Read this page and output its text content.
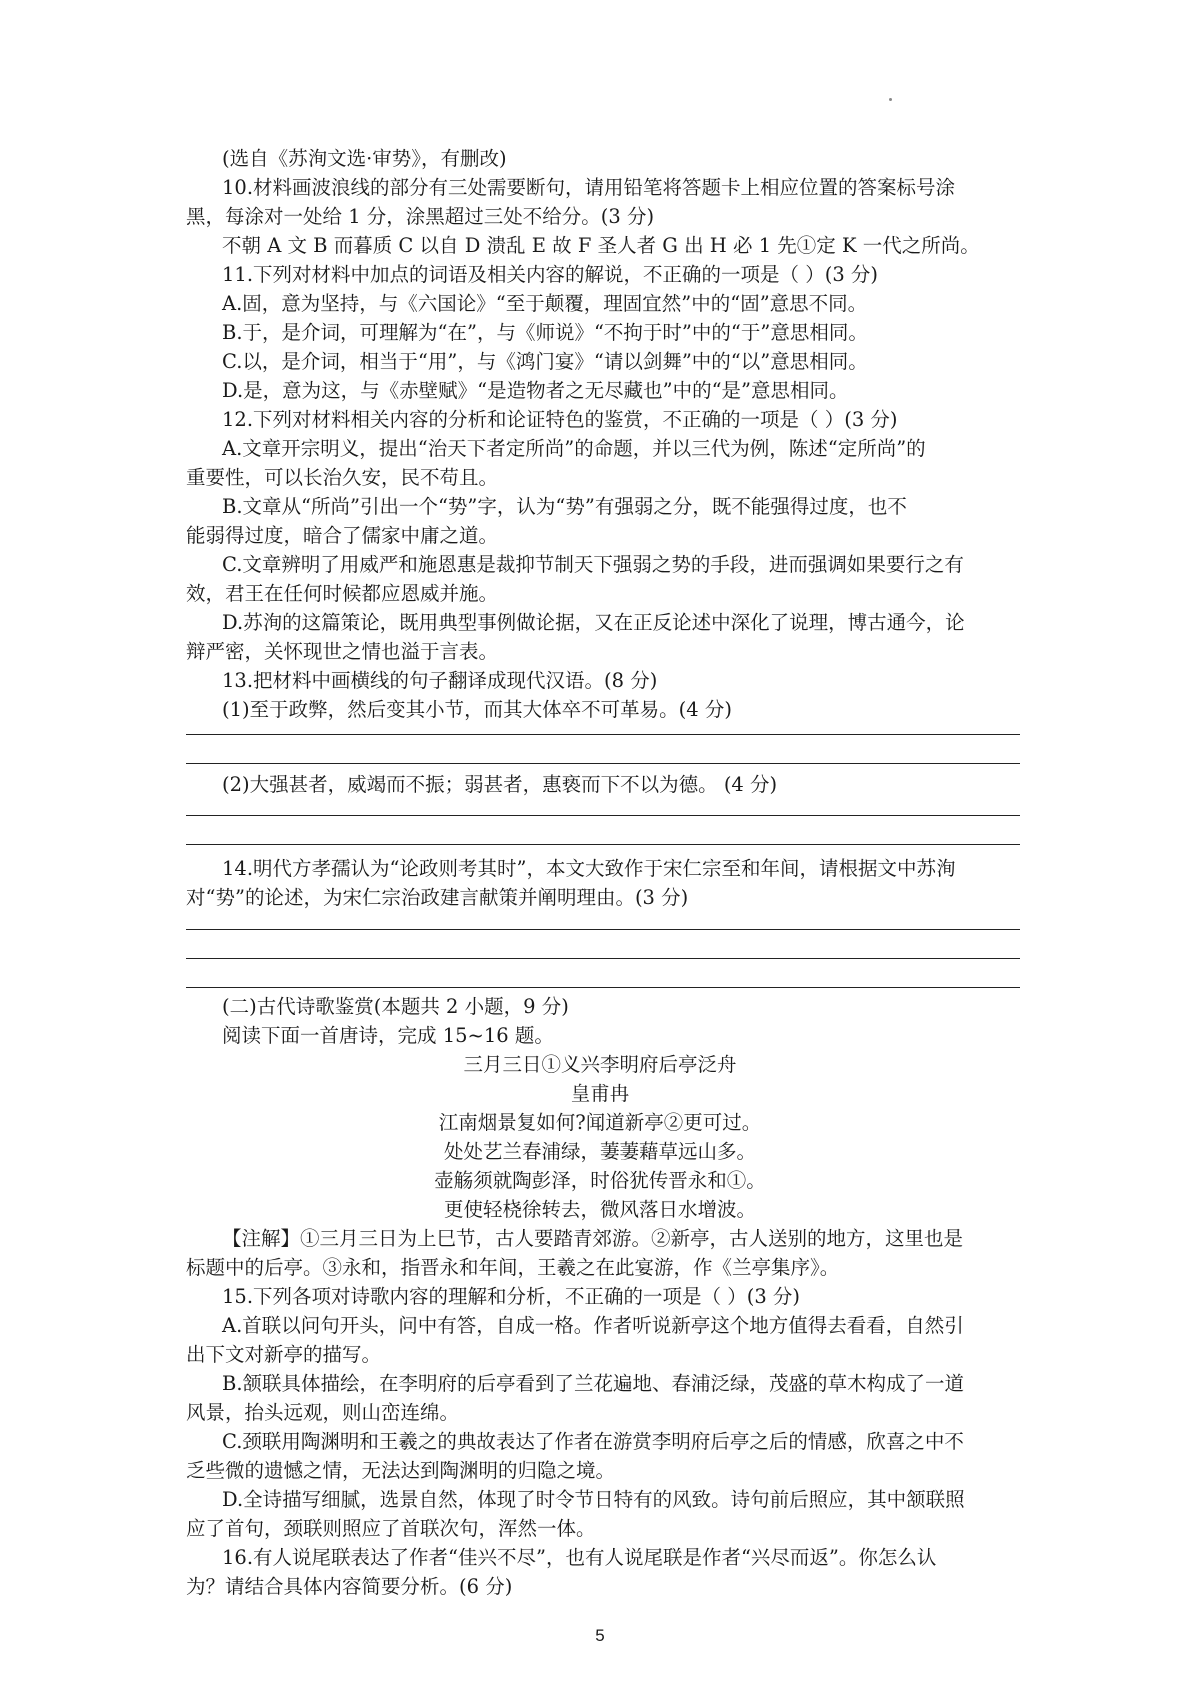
(选自《苏洵文选·审势》，有删改)
10.材料画波浪线的部分有三处需要断句，请用铅笔将答题卡上相应位置的答案标号涂
黑，每涂对一处给 1 分，涂黑超过三处不给分。(3 分)
不朝 A 文 B 而暮质 C 以自 D 溃乱 E 故 F 圣人者 G 出 H 必 1 先①定 K 一代之所尚。
11.下列对材料中加点的词语及相关内容的解说，不正确的一项是（ ）(3 分)
A.固，意为坚持，与《六国论》“至于颠覆，理固宜然”中的“固”意思不同。
B.于，是介词，可理解为“在”，与《师说》“不拘于时”中的“于”意思相同。
C.以，是介词，相当于“用”，与《鸿门宴》“请以剑舞”中的“以”意思相同。
D.是，意为这，与《赤壁赋》“是造物者之无尽藏也”中的“是”意思相同。
12.下列对材料相关内容的分析和论证特色的鉴赏，不正确的一项是（ ）(3 分)
A.文章开宗明义，提出“治天下者定所尚”的命题，并以三代为例，陈述“定所尚”的
重要性，可以长治久安，民不苟且。
B.文章从“所尚”引出一个“势”字，认为“势”有强弱之分，既不能强得过度，也不
能弱得过度，暗合了儒家中庸之道。
C.文章辨明了用威严和施恩惠是裁抑节制天下强弱之势的手段，进而强调如果要行之有
效，君王在任何时候都应恩威并施。
D.苏洵的这篇策论，既用典型事例做论据，又在正反论述中深化了说理，博古通今，论
辩严密，关怀现世之情也溢于言表。
13.把材料中画横线的句子翻译成现代汉语。(8 分)
(1)至于政弊，然后变其小节，而其大体卒不可革易。(4 分)
(2)大强甚者，威竭而不振；弱甚者，惠亵而下不以为德。 (4 分)
14.明代方孝孺认为“论政则考其时”，本文大致作于宋仁宗至和年间，请根据文中苏洵
对“势”的论述，为宋仁宗治政建言献策并阐明理由。(3 分)
(二)古代诗歌鉴赏(本题共 2 小题，9 分)
阅读下面一首唐诗，完成 15~16 题。
三月三日①义兴李明府后亭泛舟
皇甫冉
江南烟景复如何?闻道新亭②更可过。
处处艺兰春浦绿，萋萋藉草远山多。
壶觞须就陶彭泽，时俗犹传晋永和①。
更使轻桡徐转去，微风落日水增波。
【注解】①三月三日为上巳节，古人要踏青郊游。②新亭，古人送别的地方，这里也是
标题中的后亭。③永和，指晋永和年间，王羲之在此宴游，作《兰亭集序》。
15.下列各项对诗歌内容的理解和分析，不正确的一项是（ ）(3 分)
A.首联以问句开头，问中有答，自成一格。作者听说新亭这个地方值得去看看，自然引
出下文对新亭的描写。
B.颔联具体描绘，在李明府的后亭看到了兰花遍地、春浦泛绿，茂盛的草木构成了一道
风景，抬头远观，则山峦连绵。
C.颈联用陶渊明和王羲之的典故表达了作者在游赏李明府后亭之后的情感，欣喜之中不
乏些微的遗憾之情，无法达到陶渊明的归隐之境。
D.全诗描写细腻，选景自然，体现了时令节日特有的风致。诗句前后照应，其中颔联照
应了首句，颈联则照应了首联次句，浑然一体。
16.有人说尾联表达了作者“佳兴不尽”，也有人说尾联是作者“兴尽而返”。你怎么认
为？请结合具体内容简要分析。(6 分)
5
